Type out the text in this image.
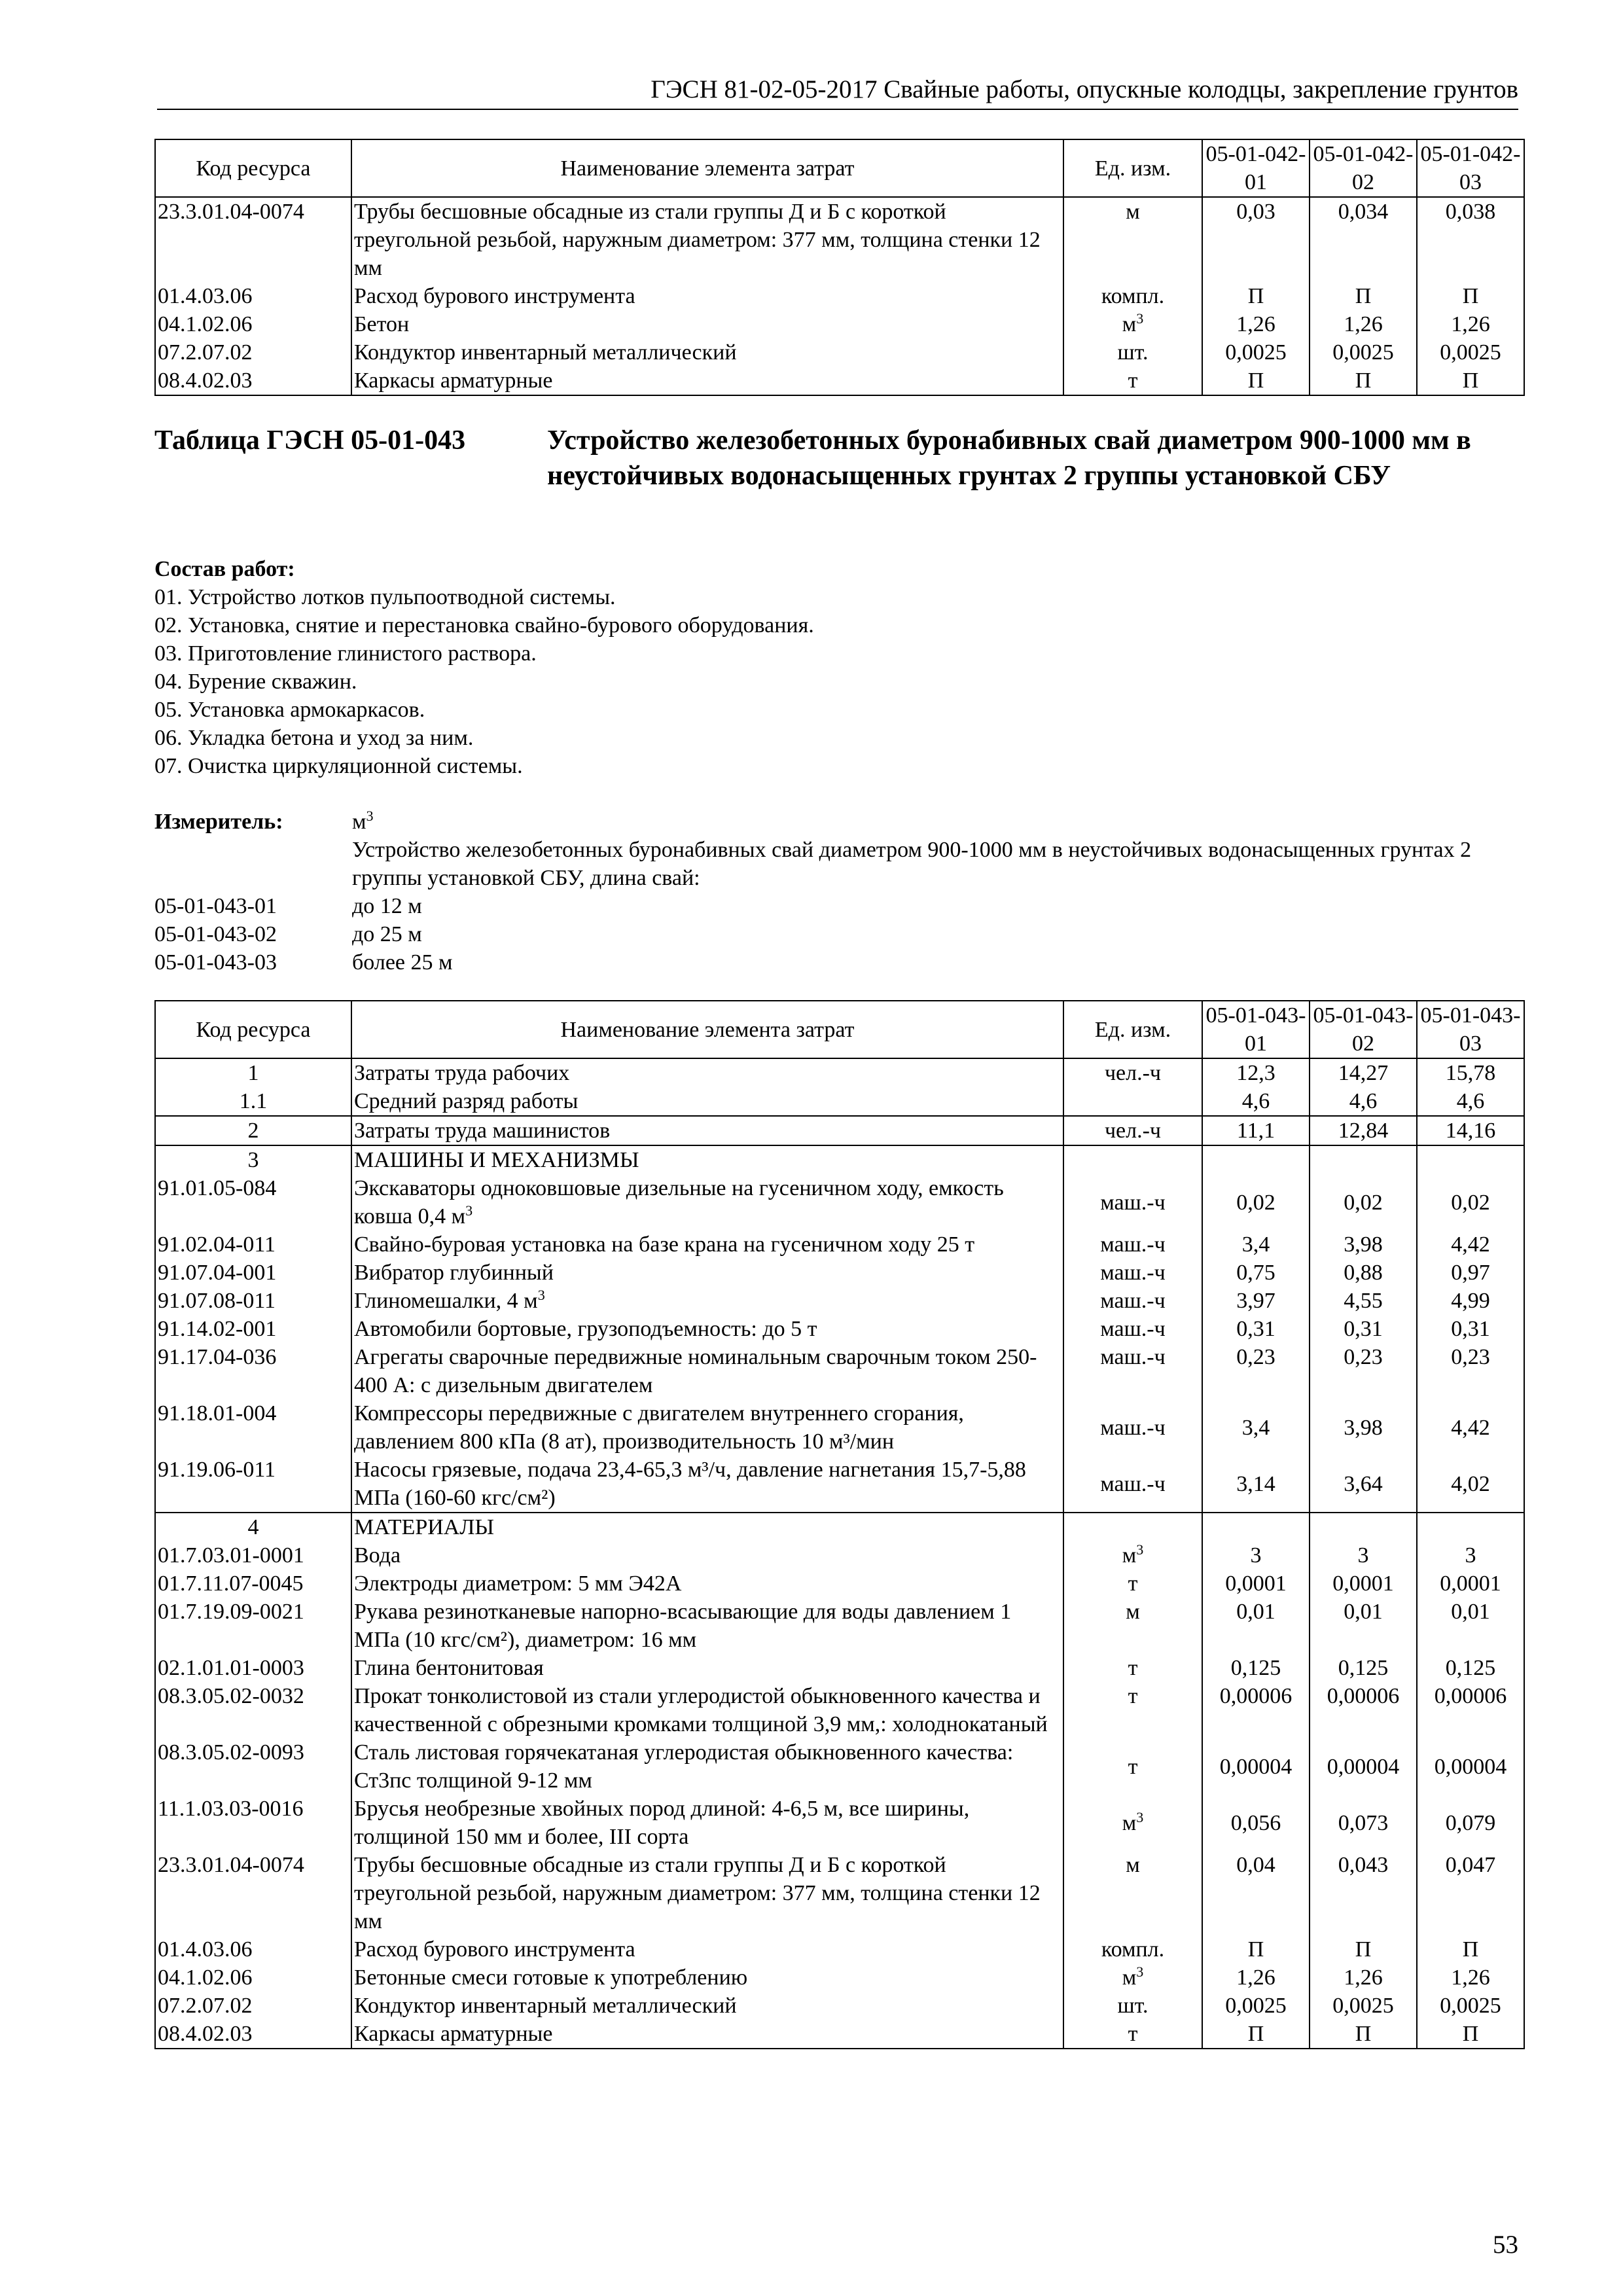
ГЭСН 81-02-05-2017 Свайные работы, опускные колодцы, закрепление грунтов
Код ресурса	Наименование элемента затрат	Ед. изм.	05-01-042-01	05-01-042-02	05-01-042-03
23.3.01.04-0074	Трубы бесшовные обсадные из стали группы Д и Б с короткой треугольной резьбой, наружным диаметром: 377 мм, толщина стенки 12 мм	м	0,03	0,034	0,038
01.4.03.06	Расход бурового инструмента	компл.	П	П	П
04.1.02.06	Бетон	$м^3$	1,26	1,26	1,26
07.2.07.02	Кондуктор инвентарный металлический	шт.	0,0025	0,0025	0,0025
08.4.02.03	Каркасы арматурные	т	П	П	П
Таблица ГЭСН 05-01-043	Устройство железобетонных буронабивных свай диаметром 900-1000 мм в неустойчивых водонасыщенных грунтах 2 группы установкой СБУ
Состав работ:
01. Устройство лотков пульпоотводной системы.
02. Установка, снятие и перестановка свайно-бурового оборудования.
03. Приготовление глинистого раствора.
04. Бурение скважин.
05. Установка армокаркасов.
06. Укладка бетона и уход за ним.
07. Очистка циркуляционной системы.
Измеритель:	$м^3$
Устройство железобетонных буронабивных свай диаметром 900-1000 мм в неустойчивых водонасыщенных грунтах 2 группы установкой СБУ, длина свай:
05-01-043-01	до 12 м
05-01-043-02	до 25 м
05-01-043-03	более 25 м
Код ресурса	Наименование элемента затрат	Ед. изм.	05-01-043-01	05-01-043-02	05-01-043-03
1	Затраты труда рабочих	чел.-ч	12,3	14,27	15,78
1.1	Средний разряд работы		4,6	4,6	4,6
2	Затраты труда машинистов	чел.-ч	11,1	12,84	14,16
3	МАШИНЫ И МЕХАНИЗМЫ				
91.01.05-084	Экскаваторы одноковшовые дизельные на гусеничном ходу, емкость ковша 0,4 $м^3$	маш.-ч	0,02	0,02	0,02
91.02.04-011	Свайно-буровая установка на базе крана на гусеничном ходу 25 т	маш.-ч	3,4	3,98	4,42
91.07.04-001	Вибратор глубинный	маш.-ч	0,75	0,88	0,97
91.07.08-011	Глиномешалки, 4 $м^3$	маш.-ч	3,97	4,55	4,99
91.14.02-001	Автомобили бортовые, грузоподъемность: до 5 т	маш.-ч	0,31	0,31	0,31
91.17.04-036	Агрегаты сварочные передвижные номинальным сварочным током 250-400 А: с дизельным двигателем	маш.-ч	0,23	0,23	0,23
91.18.01-004	Компрессоры передвижные с двигателем внутреннего сгорания, давлением 800 кПа (8 ат), производительность 10 м³/мин	маш.-ч	3,4	3,98	4,42
91.19.06-011	Насосы грязевые, подача 23,4-65,3 м³/ч, давление нагнетания 15,7-5,88 МПа (160-60 кгс/см²)	маш.-ч	3,14	3,64	4,02
4	МАТЕРИАЛЫ				
01.7.03.01-0001	Вода	$м^3$	3	3	3
01.7.11.07-0045	Электроды диаметром: 5 мм Э42А	т	0,0001	0,0001	0,0001
01.7.19.09-0021	Рукава резинотканевые напорно-всасывающие для воды давлением 1 МПа (10 кгс/см²), диаметром: 16 мм	м	0,01	0,01	0,01
02.1.01.01-0003	Глина бентонитовая	т	0,125	0,125	0,125
08.3.05.02-0032	Прокат тонколистовой из стали углеродистой обыкновенного качества и качественной с обрезными кромками толщиной 3,9 мм,: холоднокатаный	т	0,00006	0,00006	0,00006
08.3.05.02-0093	Сталь листовая горячекатаная углеродистая обыкновенного качества: Ст3пс толщиной 9-12 мм	т	0,00004	0,00004	0,00004
11.1.03.03-0016	Брусья необрезные хвойных пород длиной: 4-6,5 м, все ширины, толщиной 150 мм и более, III сорта	$м^3$	0,056	0,073	0,079
23.3.01.04-0074	Трубы бесшовные обсадные из стали группы Д и Б с короткой треугольной резьбой, наружным диаметром: 377 мм, толщина стенки 12 мм	м	0,04	0,043	0,047
01.4.03.06	Расход бурового инструмента	компл.	П	П	П
04.1.02.06	Бетонные смеси готовые к употреблению	$м^3$	1,26	1,26	1,26
07.2.07.02	Кондуктор инвентарный металлический	шт.	0,0025	0,0025	0,0025
08.4.02.03	Каркасы арматурные	т	П	П	П
53
